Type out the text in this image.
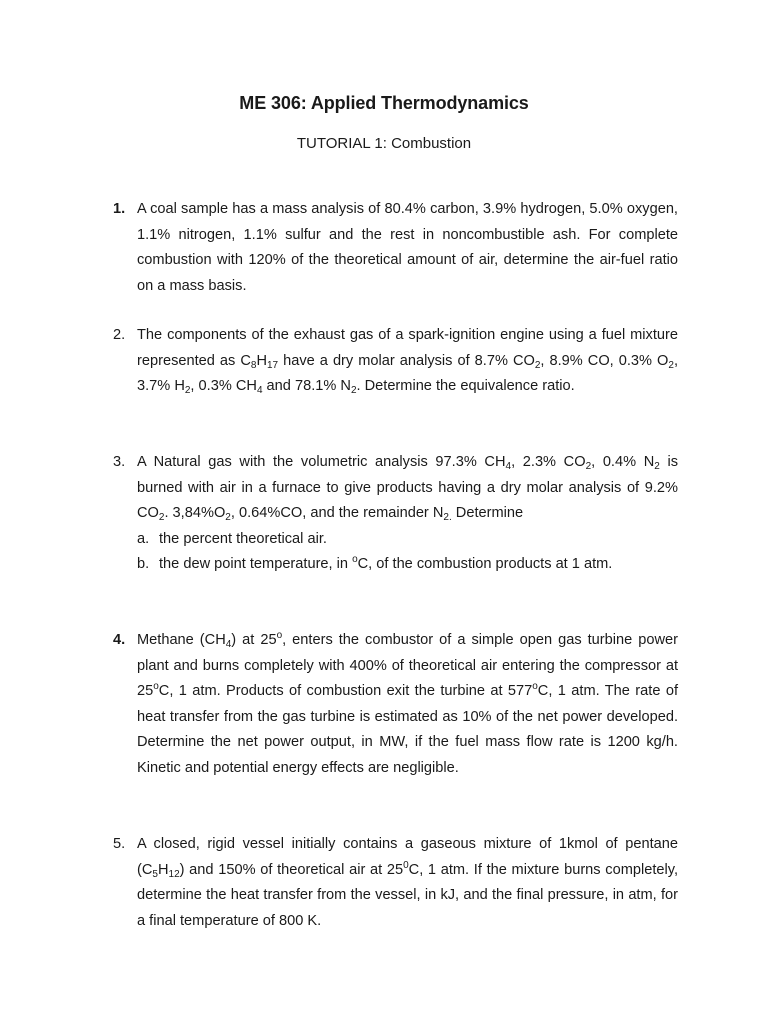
ME 306: Applied Thermodynamics
TUTORIAL 1: Combustion
1. A coal sample has a mass analysis of 80.4% carbon, 3.9% hydrogen, 5.0% oxygen, 1.1% nitrogen, 1.1% sulfur and the rest in noncombustible ash. For complete combustion with 120% of the theoretical amount of air, determine the air-fuel ratio on a mass basis.
2. The components of the exhaust gas of a spark-ignition engine using a fuel mixture represented as $C_8H_{17}$ have a dry molar analysis of 8.7% $CO_2$, 8.9% CO, 0.3% $O_2$, 3.7% $H_2$, 0.3% $CH_4$ and 78.1% $N_2$. Determine the equivalence ratio.
3. A Natural gas with the volumetric analysis 97.3% $CH_4$, 2.3% $CO_2$, 0.4% $N_2$ is burned with air in a furnace to give products having a dry molar analysis of 9.2% $CO_2$. $3,84\%O_2$, 0.64%CO, and the remainder $N_{2.}$ Determine
a. the percent theoretical air.
b. the dew point temperature, in $^o$C, of the combustion products at 1 atm.
4. Methane $(CH_4)$ at 25$^o$, enters the combustor of a simple open gas turbine power plant and burns completely with 400% of theoretical air entering the compressor at 25$^o$C, 1 atm. Products of combustion exit the turbine at 577$^o$C, 1 atm. The rate of heat transfer from the gas turbine is estimated as 10% of the net power developed. Determine the net power output, in MW, if the fuel mass flow rate is 1200 kg/h. Kinetic and potential energy effects are negligible.
5. A closed, rigid vessel initially contains a gaseous mixture of 1kmol of pentane $(C_5H_{12})$ and 150% of theoretical air at $25^0C$, 1 atm. If the mixture burns completely, determine the heat transfer from the vessel, in kJ, and the final pressure, in atm, for a final temperature of 800 K.
